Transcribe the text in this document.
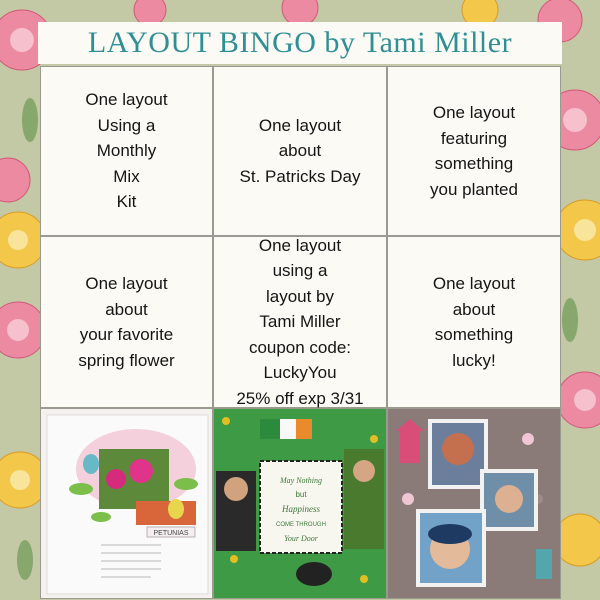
LAYOUT BINGO by Tami Miller
One layout
Using a
Monthly
Mix
Kit
One layout
about
St. Patricks Day
One layout
featuring
something
you planted
One layout
about
your favorite
spring flower
One layout
using a
layout by
Tami Miller
coupon code:
LuckyYou
25% off exp 3/31
One layout
about
something
lucky!
PETUNIAS
May Nothing
but
Happiness
COME THROUGH
Your Door
